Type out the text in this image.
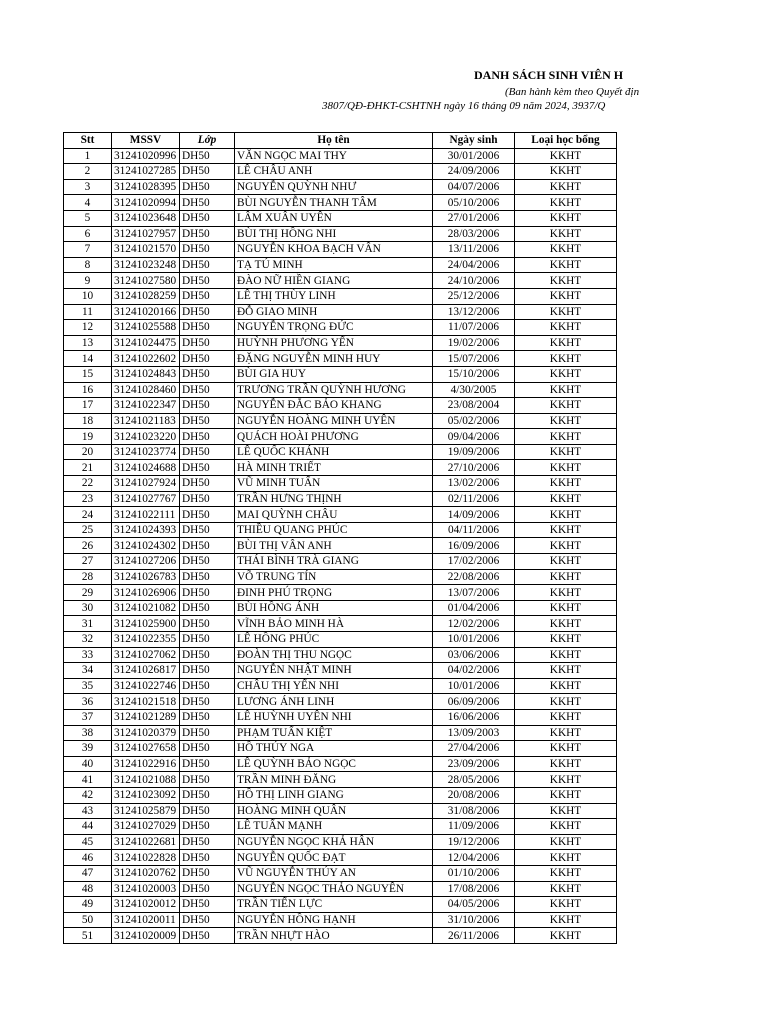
DANH SÁCH SINH VIÊN H
(Ban hành kèm theo Quyết địn
3807/QĐ-ĐHKT-CSHTNH ngày 16 tháng 09 năm 2024, 3937/Q
Stt	MSSV	Lớp	Họ tên	Ngày sinh	Loại học bổng
1	31241020996	DH50	VĂN NGỌC MAI THY	30/01/2006	KKHT
2	31241027285	DH50	LÊ CHÂU ANH	24/09/2006	KKHT
3	31241028395	DH50	NGUYỄN QUỲNH NHƯ	04/07/2006	KKHT
4	31241020994	DH50	BÙI NGUYỄN THANH TÂM	05/10/2006	KKHT
5	31241023648	DH50	LÂM XUÂN UYÊN	27/01/2006	KKHT
6	31241027957	DH50	BÙI THỊ HỒNG NHI	28/03/2006	KKHT
7	31241021570	DH50	NGUYỄN KHOA BẠCH VÂN	13/11/2006	KKHT
8	31241023248	DH50	TẠ TÚ MINH	24/04/2006	KKHT
9	31241027580	DH50	ĐÀO NỮ HIỀN GIANG	24/10/2006	KKHT
10	31241028259	DH50	LÊ THỊ THÙY LINH	25/12/2006	KKHT
11	31241020166	DH50	ĐỖ GIAO MINH	13/12/2006	KKHT
12	31241025588	DH50	NGUYỄN TRỌNG ĐỨC	11/07/2006	KKHT
13	31241024475	DH50	HUỲNH PHƯƠNG YẾN	19/02/2006	KKHT
14	31241022602	DH50	ĐẶNG NGUYỄN MINH HUY	15/07/2006	KKHT
15	31241024843	DH50	BÙI GIA HUY	15/10/2006	KKHT
16	31241028460	DH50	TRƯƠNG TRẦN QUỲNH HƯƠNG	4/30/2005	KKHT
17	31241022347	DH50	NGUYỄN ĐẮC BẢO KHANG	23/08/2004	KKHT
18	31241021183	DH50	NGUYỄN HOÀNG MINH UYÊN	05/02/2006	KKHT
19	31241023220	DH50	QUÁCH HOÀI PHƯƠNG	09/04/2006	KKHT
20	31241023774	DH50	LÊ QUỐC KHÁNH	19/09/2006	KKHT
21	31241024688	DH50	HÀ MINH TRIẾT	27/10/2006	KKHT
22	31241027924	DH50	VŨ MINH TUẤN	13/02/2006	KKHT
23	31241027767	DH50	TRẦN HƯNG THỊNH	02/11/2006	KKHT
24	31241022111	DH50	MAI QUỲNH CHÂU	14/09/2006	KKHT
25	31241024393	DH50	THIỀU QUANG PHÚC	04/11/2006	KKHT
26	31241024302	DH50	BÙI THỊ VÂN ANH	16/09/2006	KKHT
27	31241027206	DH50	THÁI BÌNH TRÀ GIANG	17/02/2006	KKHT
28	31241026783	DH50	VÕ TRUNG TÍN	22/08/2006	KKHT
29	31241026906	DH50	ĐINH PHÚ TRỌNG	13/07/2006	KKHT
30	31241021082	DH50	BÙI HỒNG ÁNH	01/04/2006	KKHT
31	31241025900	DH50	VĨNH BẢO MINH HÀ	12/02/2006	KKHT
32	31241022355	DH50	LÊ HỒNG PHÚC	10/01/2006	KKHT
33	31241027062	DH50	ĐOÀN THỊ THU NGỌC	03/06/2006	KKHT
34	31241026817	DH50	NGUYỄN NHẬT MINH	04/02/2006	KKHT
35	31241022746	DH50	CHÂU THỊ YẾN NHI	10/01/2006	KKHT
36	31241021518	DH50	LƯƠNG ÁNH LINH	06/09/2006	KKHT
37	31241021289	DH50	LÊ HUỲNH UYÊN NHI	16/06/2006	KKHT
38	31241020379	DH50	PHẠM TUẤN KIỆT	13/09/2003	KKHT
39	31241027658	DH50	HỒ THÚY NGA	27/04/2006	KKHT
40	31241022916	DH50	LÊ QUỲNH BẢO NGỌC	23/09/2006	KKHT
41	31241021088	DH50	TRẦN MINH ĐĂNG	28/05/2006	KKHT
42	31241023092	DH50	HỒ THỊ LINH GIANG	20/08/2006	KKHT
43	31241025879	DH50	HOÀNG MINH QUÂN	31/08/2006	KKHT
44	31241027029	DH50	LÊ TUẤN MẠNH	11/09/2006	KKHT
45	31241022681	DH50	NGUYỄN NGỌC KHẢ HÂN	19/12/2006	KKHT
46	31241022828	DH50	NGUYỄN QUỐC ĐẠT	12/04/2006	KKHT
47	31241020762	DH50	VŨ NGUYỄN THÚY AN	01/10/2006	KKHT
48	31241020003	DH50	NGUYỄN NGỌC THẢO NGUYÊN	17/08/2006	KKHT
49	31241020012	DH50	TRẦN TIẾN LỰC	04/05/2006	KKHT
50	31241020011	DH50	NGUYỄN HỒNG HẠNH	31/10/2006	KKHT
51	31241020009	DH50	TRẦN NHỰT HÀO	26/11/2006	KKHT
